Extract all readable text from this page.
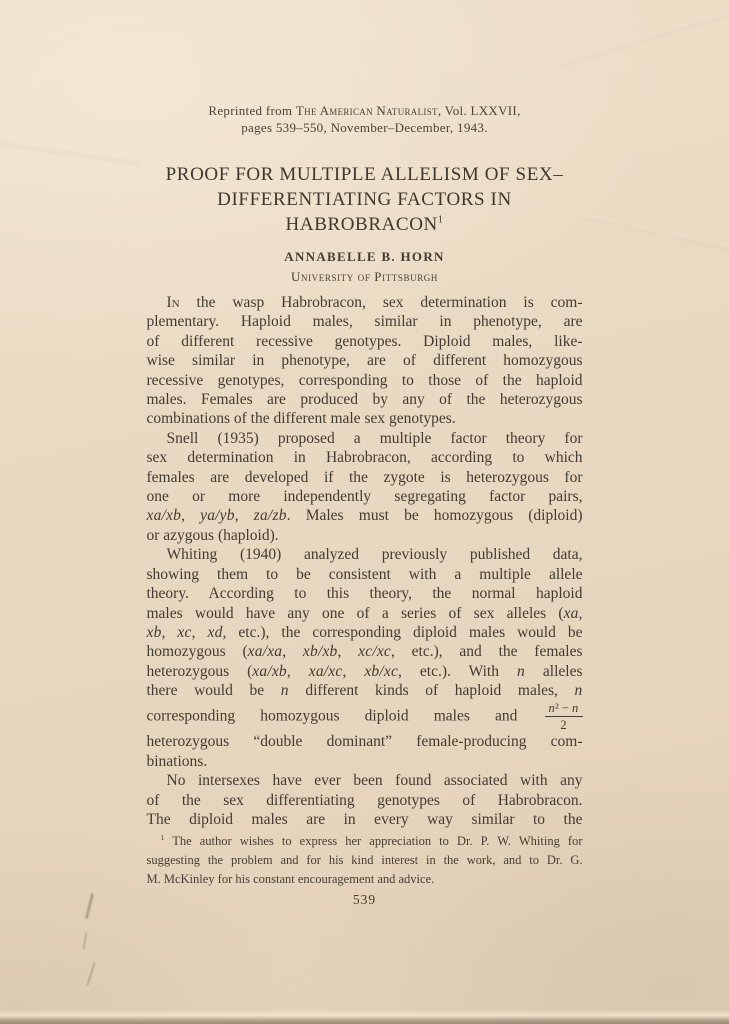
Reprinted from The American Naturalist, Vol. LXXVII,
pages 539–550, November–December, 1943.
PROOF FOR MULTIPLE ALLELISM OF SEX–
DIFFERENTIATING FACTORS IN
HABROBRACON$^1$
ANNABELLE B. HORN
University of Pittsburgh
In the wasp Habrobracon, sex determination is com-
plementary. Haploid males, similar in phenotype, are
of different recessive genotypes. Diploid males, like-
wise similar in phenotype, are of different homozygous
recessive genotypes, corresponding to those of the haploid
males. Females are produced by any of the heterozygous
combinations of the different male sex genotypes.
Snell (1935) proposed a multiple factor theory for
sex determination in Habrobracon, according to which
females are developed if the zygote is heterozygous for
one or more independently segregating factor pairs,
xa/xb, ya/yb, za/zb. Males must be homozygous (diploid)
or azygous (haploid).
Whiting (1940) analyzed previously published data,
showing them to be consistent with a multiple allele
theory. According to this theory, the normal haploid
males would have any one of a series of sex alleles (xa,
xb, xc, xd, etc.), the corresponding diploid males would be
homozygous (xa/xa, xb/xb, xc/xc, etc.), and the females
heterozygous (xa/xb, xa/xc, xb/xc, etc.). With n alleles
there would be n different kinds of haploid males, n
corresponding homozygous diploid males and $\frac{\text{n² − n}}{2}$
heterozygous “double dominant” female-producing com-
binations.
No intersexes have ever been found associated with any
of the sex differentiating genotypes of Habrobracon.
The diploid males are in every way similar to the
$^1$ The author wishes to express her appreciation to Dr. P. W. Whiting for
suggesting the problem and for his kind interest in the work, and to Dr. G.
M. McKinley for his constant encouragement and advice.
539
